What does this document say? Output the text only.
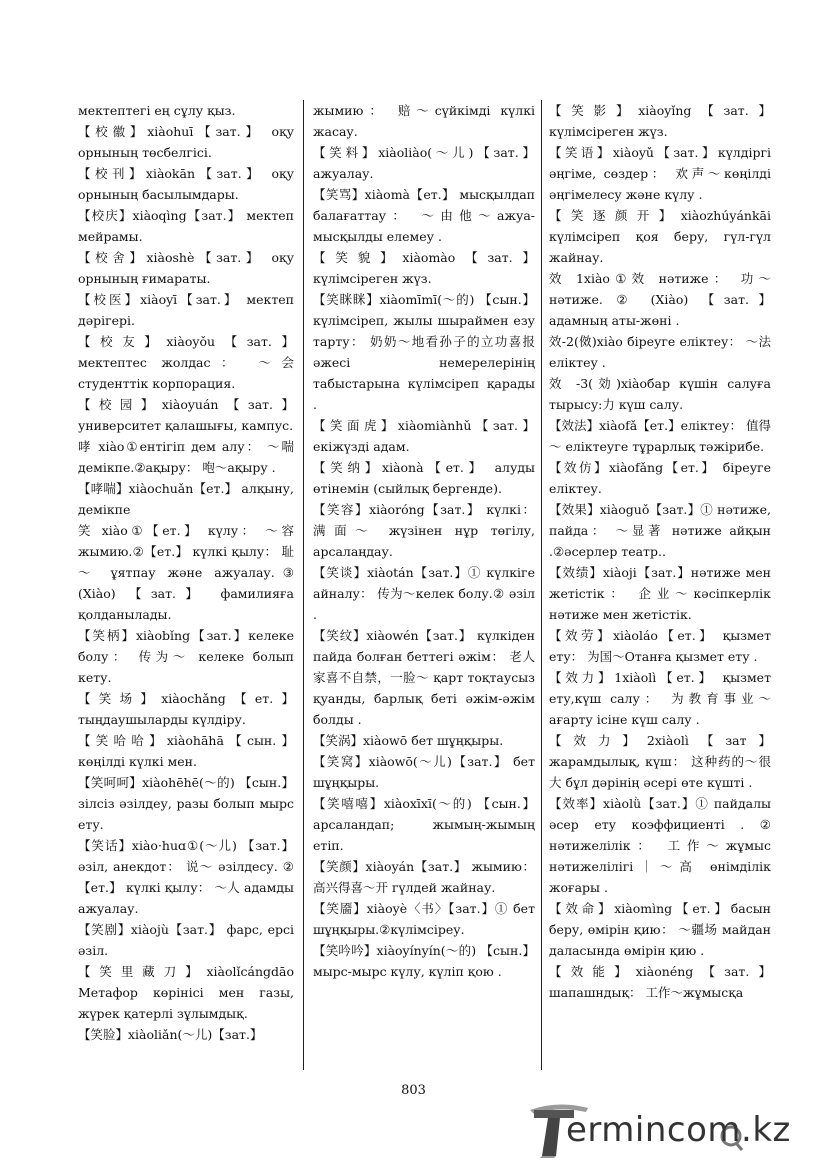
мектептегі ең сұлу қыз.

【校徽】xiàohuī【зат.】 оқу орнының төсбелгісі.

【校刊】xiàokān【зат.】 оқу орнының басылымдары.

【校庆】xiàoqìng【зат.】 мектеп мейрамы.

【校舍】xiàoshè【зат.】 оқу орнының ғимараты.

【校医】xiàoyī【зат.】 мектеп дәрігері.

【校友】xiàoyǒu【зат.】 мектептес жолдас： ～会 студенттік корпорация.

【校园】xiàoyuán【зат.】 университет қалашығы, кампус.

哮 xiào①ентігіп дем алу： ～喘 демікпе.②ақыру： 咆～ақыру .

【哮喘】xiàochuǎn【ет.】 алқыну, демікпе

笑 xiào①【ет.】 күлу： ～容 жымию.②【ет.】 күлкі қылу： 耻～ ұятпау және ажуалау.③ (Xiào) 【зат.】 фамилияға қолданылады.

【笑柄】xiàobǐng【зат.】келеке болу： 传为～ келеке болып кету.

【笑场】xiàochǎng【ет.】 тыңдаушыларды күлдіру.

【笑哈哈】xiàohāhā【сын.】 көңілді күлкі мен.

【笑呵呵】xiàohēhē(～的) 【сын.】 зілсіз әзілдеу, разы болып мырс ету.

【笑话】xiào·huɑ①(～儿) 【зат.】 әзіл, анекдот： 说～ әзілдесу. ②【ет.】 күлкі қылу： ～人 адамды ажуалау.

【笑剧】xiàojù【зат.】 фарс, ерсі әзіл.

【笑里藏刀】xiàolǐcángdāo Метафор көрінісі мен газы, жүрек қатерлі зұлымдық.

【笑脸】xiàoliǎn(～儿)【зат.】

жымию： 赔～сүйкімді күлкі жасау.

【笑料】xiàoliào(～儿)【зат.】 ажуалау.

【笑骂】xiàomà【ет.】 мысқылдап балағаттау： ～由他～ажуа-мысқылды елемеу .

【笑貌】xiàomào【зат.】 күлімсіреген жүз.

【笑眯眯】xiàomīmī(～的) 【сын.】 күлімсіреп, жылы шыраймен езу тарту： 奶奶～地看孙子的立功喜报 әжесі немерелерінің табыстарына күлімсіреп қарады .

【笑面虎】xiàomiànhǔ【зат.】 екіжүзді адам.

【笑纳】xiàonà【ет.】 алуды өтінемін (сыйлық бергенде).

【笑容】xiàoróng【зат.】 күлкі： 满面～ жүзінен нұр төгілу, арсалаңдау.

【笑谈】xiàotán【зат.】① күлкіге айналу： 传为～келек болу.② әзіл .

【笑纹】xiàowén【зат.】 күлкіден пайда болған беттегі әжім： 老人家喜不自禁，一脸～ қарт тоқтаусыз қуанды, барлық беті әжім-әжім болды .

【笑涡】xiàowō бет шұңқыры.

【笑窝】xiàowō(～儿)【зат.】 бет шұңқыры.

【笑嘻嘻】xiàoxīxī(～的) 【сын.】 арсаландап; жымың-жымың етіп.

【笑颜】xiàoyán【зат.】 жымию： 高兴得喜～开 гүлдей жайнау.

【笑靥】xiàoyè〈书〉【зат.】① бет шұңқыры.②күлімсіреу.

【笑吟吟】xiàoyínyín(～的) 【сын.】 мырс-мырс күлу, күліп қою .

【笑影】xiàoyǐng【зат.】 күлімсіреген жүз.

【笑语】xiàoyǔ【зат.】күлдіргі әңгіме, сөздер： 欢声～көңілді әңгімелесу және күлу .

【笑逐颜开】xiàozhúyánkāi күлімсіреп қоя беру, гүл-гүл жайнау.

效 1xiào①效 нәтиже： 功～ нәтиже. ② (Xiào) 【зат.】 адамның аты-жөні .

效-2(傚)xiào біреуге еліктеу： ～法 еліктеу .

效 -3(効)xiàoбар күшін салуға тырысу:力 күш салу.

【效法】xiàofǎ【ет.】еліктеу： 值得～ еліктеугe тұрарлық тәжірибе.

【效仿】xiàofǎng【ет.】 біреуге еліктеу.

【效果】xiàoguǒ【зат.】① нәтиже, пайда： ～显著 нәтиже айқын .②әсерлер театр..

【效绩】xiàoji【зат.】нәтиже мен жетістік： 企业～кәсіпкерлік нәтиже мен жетістік.

【效劳】xiàoláo【ет.】 қызмет ету： 为国～Отанға қызмет ету .

【效力】1xiàolì【ет.】 қызмет ету,күш салу： 为教育事业～ ағарту ісіне күш салу .

【效力】2xiàolì【зат】 жарамдылық, күш： 这种药的～很大 бұл дәрінің әсері өте күшті .

【效率】xiàolǜ【зат.】① пайдалы әсер ету коэффициенті . ② нәтижелілік： 工作～жұмыс нәтижелілігі｜～高 өнімділік жоғары .

【效命】xiàomìng【ет.】басын беру, өмірін қию： ～疆场 майдан даласында өмірін қию .

【效能】xiàonéng【зат.】 шапашндық： 工作～жұмысқа

803
ermincom.kz
